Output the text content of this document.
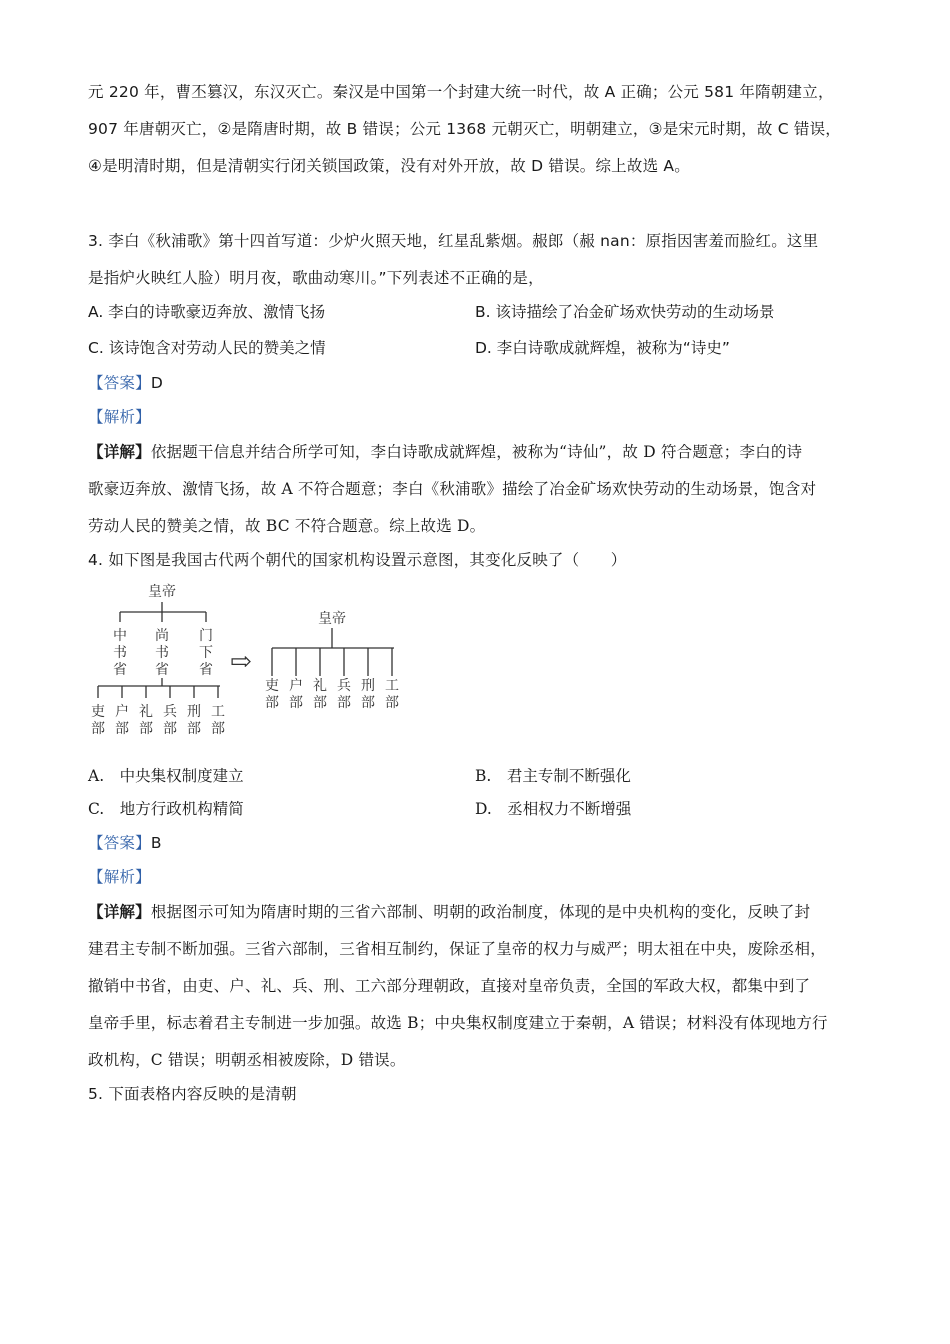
元 220 年，曹丕篡汉，东汉灭亡。秦汉是中国第一个封建大统一时代，故 A 正确；公元 581 年隋朝建立，
907 年唐朝灭亡，②是隋唐时期，故 B 错误；公元 1368 元朝灭亡，明朝建立，③是宋元时期，故 C 错误，
④是明清时期，但是清朝实行闭关锁国政策，没有对外开放，故 D 错误。综上故选 A。
3. 李白《秋浦歌》第十四首写道：少炉火照天地，红星乱紫烟。赧郎（赧 nan：原指因害羞而脸红。这里
是指炉火映红人脸）明月夜，歌曲动寒川。”下列表述不正确的是，
A. 李白的诗歌豪迈奔放、激情飞扬	B. 该诗描绘了冶金矿场欢快劳动的生动场景
C. 该诗饱含对劳动人民的赞美之情	D. 李白诗歌成就辉煌，被称为“诗史”
【答案】D
【解析】
【详解】依据题干信息并结合所学可知，李白诗歌成就辉煌，被称为“诗仙”，故 D 符合题意；李白的诗
歌豪迈奔放、激情飞扬，故 A 不符合题意；李白《秋浦歌》描绘了冶金矿场欢快劳动的生动场景，饱含对
劳动人民的赞美之情，故 BC 不符合题意。综上故选 D。
4. 如下图是我国古代两个朝代的国家机构设置示意图，其变化反映了（　　）
皇帝
中书省
尚书省
门下省
吏部
户部
礼部
兵部
刑部
工部
⇨
皇帝
吏部
户部
礼部
兵部
刑部
工部
A.　中央集权制度建立	B.　君主专制不断强化
C.　地方行政机构精简	D.　丞相权力不断增强
【答案】B
【解析】
【详解】根据图示可知为隋唐时期的三省六部制、明朝的政治制度，体现的是中央机构的变化，反映了封
建君主专制不断加强。三省六部制，三省相互制约，保证了皇帝的权力与威严；明太祖在中央，废除丞相，
撤销中书省，由吏、户、礼、兵、刑、工六部分理朝政，直接对皇帝负责，全国的军政大权，都集中到了
皇帝手里，标志着君主专制进一步加强。故选 B；中央集权制度建立于秦朝，A 错误；材料没有体现地方行
政机构，C 错误；明朝丞相被废除，D 错误。
5. 下面表格内容反映的是清朝
